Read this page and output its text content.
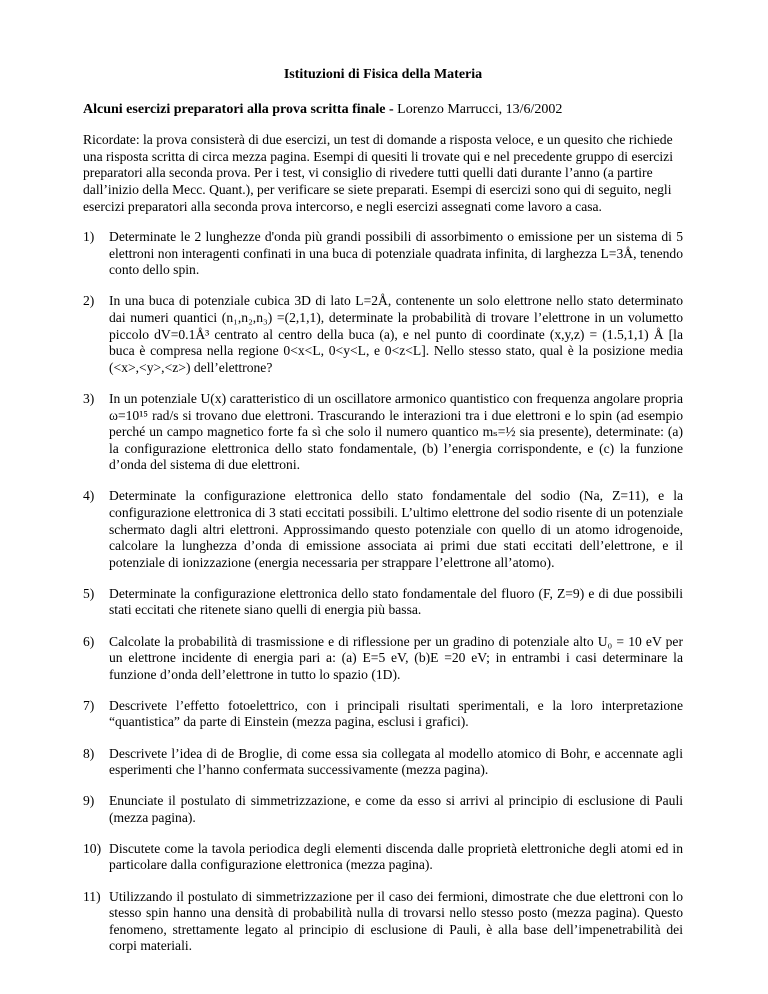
Istituzioni di Fisica della Materia
Alcuni esercizi preparatori alla prova scritta finale - Lorenzo Marrucci, 13/6/2002

Ricordate: la prova consisterà di due esercizi, un test di domande a risposta veloce, e un quesito che richiede una risposta scritta di circa mezza pagina. Esempi di quesiti li trovate qui e nel precedente gruppo di esercizi preparatori alla seconda prova. Per i test, vi consiglio di rivedere tutti quelli dati durante l’anno (a partire dall’inizio della Mecc. Quant.), per verificare se siete preparati. Esempi di esercizi sono qui di seguito, negli esercizi preparatori alla seconda prova intercorso, e negli esercizi assegnati come lavoro a casa.

1) Determinate le 2 lunghezze d'onda più grandi possibili di assorbimento o emissione per un sistema di 5 elettroni non interagenti confinati in una buca di potenziale quadrata infinita, di larghezza L=3Å, tenendo conto dello spin.
2) In una buca di potenziale cubica 3D di lato L=2Å, contenente un solo elettrone nello stato determinato dai numeri quantici (n₁,n₂,n₃) =(2,1,1), determinate la probabilità di trovare l’elettrone in un volumetto piccolo dV=0.1Å³ centrato al centro della buca (a), e nel punto di coordinate (x,y,z) = (1.5,1,1) Å [la buca è compresa nella regione 0<x<L, 0<y<L, e 0<z<L]. Nello stesso stato, qual è la posizione media (<x>,<y>,<z>) dell’elettrone?
3) In un potenziale U(x) caratteristico di un oscillatore armonico quantistico con frequenza angolare propria ω=10¹⁵ rad/s si trovano due elettroni. Trascurando le interazioni tra i due elettroni e lo spin (ad esempio perché un campo magnetico forte fa sì che solo il numero quantico mₛ=½ sia presente), determinate: (a) la configurazione elettronica dello stato fondamentale, (b) l’energia corrispondente, e (c) la funzione d’onda del sistema di due elettroni.
4) Determinate la configurazione elettronica dello stato fondamentale del sodio (Na, Z=11), e la configurazione elettronica di 3 stati eccitati possibili. L’ultimo elettrone del sodio risente di un potenziale schermato dagli altri elettroni. Approssimando questo potenziale con quello di un atomo idrogenoide, calcolare la lunghezza d’onda di emissione associata ai primi due stati eccitati dell’elettrone, e il potenziale di ionizzazione (energia necessaria per strappare l’elettrone all’atomo).
5) Determinate la configurazione elettronica dello stato fondamentale del fluoro (F, Z=9) e di due possibili stati eccitati che ritenete siano quelli di energia più bassa.
6) Calcolate la probabilità di trasmissione e di riflessione per un gradino di potenziale alto U₀ = 10 eV per un elettrone incidente di energia pari a: (a) E=5 eV, (b)E =20 eV; in entrambi i casi determinare la funzione d’onda dell’elettrone in tutto lo spazio (1D).
7) Descrivete l’effetto fotoelettrico, con i principali risultati sperimentali, e la loro interpretazione “quantistica” da parte di Einstein (mezza pagina, esclusi i grafici).
8) Descrivete l’idea di de Broglie, di come essa sia collegata al modello atomico di Bohr, e accennate agli esperimenti che l’hanno confermata successivamente (mezza pagina).
9) Enunciate il postulato di simmetrizzazione, e come da esso si arrivi al principio di esclusione di Pauli (mezza pagina).
10) Discutete come la tavola periodica degli elementi discenda dalle proprietà elettroniche degli atomi ed in particolare dalla configurazione elettronica (mezza pagina).
11) Utilizzando il postulato di simmetrizzazione per il caso dei fermioni, dimostrate che due elettroni con lo stesso spin hanno una densità di probabilità nulla di trovarsi nello stesso posto (mezza pagina). Questo fenomeno, strettamente legato al principio di esclusione di Pauli, è alla base dell’impenetrabilità dei corpi materiali.
